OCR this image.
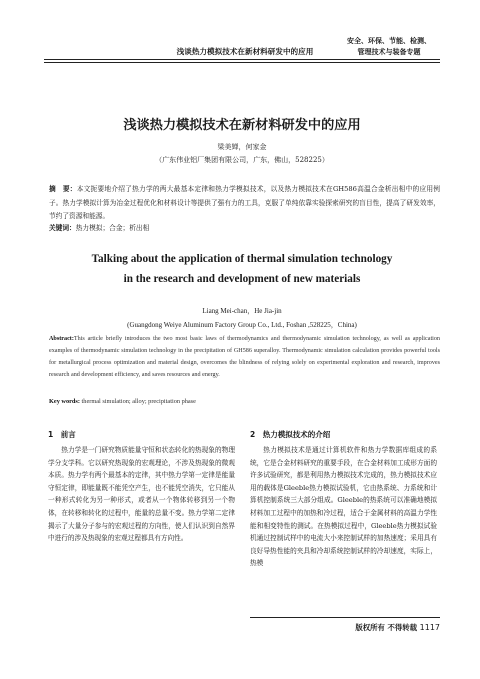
浅谈热力模拟技术在新材料研发中的应用
安全、环保、节能、检测、
管理技术与装备专题
浅谈热力模拟技术在新材料研发中的应用
梁美婵，何家金
（广东伟业铝厂集团有限公司，广东，佛山，528225）
摘　要：本文扼要地介绍了热力学的两大最基本定律和热力学模拟技术，以及热力模拟技术在GH586高温合金析出相中的应用例子。热力学模拟计算为冶金过程优化和材料设计等提供了强有力的工具，克服了单纯依靠实验探索研究的盲目性，提高了研发效率，节约了资源和能源。
关键词：热力模拟；合金；析出相
Talking about the application of thermal simulation technology
in the research and development of new materials
Liang Mei-chan，He Jia-jin
(Guangdong Weiye Aluminum Factory Group Co., Ltd., Foshan ,528225，China)
Abstract:This article briefly introduces the two most basic laws of thermodynamics and thermodynamic simulation technology, as well as application examples of thermodynamic simulation technology in the precipitation of GH586 superalloy. Thermodynamic simulation calculation provides powerful tools for metallurgical process optimization and material design, overcomes the blindness of relying solely on experimental exploration and research, improves research and development efficiency, and saves resources and energy.
Key words: thermal simulation; alloy; precipitation phase
1　前言

热力学是一门研究物质能量守恒和状态转化的热现象的物理学分支学科。它以研究热现象的宏观理论，不涉及热现象的微观本质。热力学有两个最基本的定律，其中热力学第一定律是能量守恒定律，即能量既不能凭空产生，也不能凭空消失，它只能从一种形式转化为另一种形式，或者从一个物体转移到另一个物体，在转移和转化的过程中，能量的总量不变。热力学第二定律揭示了大量分子参与的宏观过程的方向性，使人们认识到自然界中进行的涉及热现象的宏观过程都具有方向性。

2　热力模拟技术的介绍

热力模拟技术是通过计算机软件和热力学数据库组成的系统，它是合金材料研究的重要手段，在合金材料加工成形方面的许多试验研究，都是利用热力模拟技术完成的，热力模拟技术应用的载体是Gleeble热力模拟试验机，它由热系统、力系统和计算机控制系统三大部分组成。Gleeble的热系统可以准确地模拟材料加工过程中的加热和冷过程，适合于金属材料的高温力学性能和相变特性的测试。在热模拟过程中，Gleeble热力模拟试验机通过控制试样中的电流大小来控制试样的加热速度；采用具有良好导热性能的夹具和冷却系统控制试样的冷却速度，实际上，热模

版权所有 不得转载 1117
